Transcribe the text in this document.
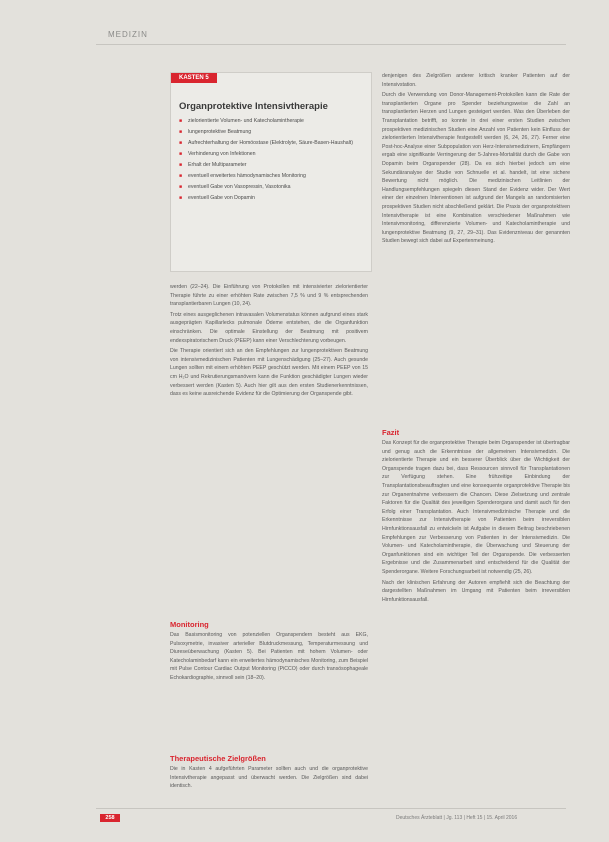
MEDIZIN
KASTEN 5
Organprotektive Intensivtherapie
■ zielorientierte Volumen- und Katecholamintherapie
■ lungenprotektive Beatmung
■ Aufrechterhaltung der Homöostase (Elektrolyte, Säure-Basen-Haushalt)
■ Verhinderung von Infektionen
■ Erhalt der Multiparameter
■ eventuell erweitertes hämodynamisches Monitoring
■ eventuell Gabe von Vasopressin, Vasotonika
■ eventuell Gabe von Dopamin

werden (22–24). Die Einführung von Protokollen mit intensivierter zielorientierter Therapie führte zu einer erhöhten Rate zwischen 7,5 % und 9 % entsprechenden transplantierbaren Lungen (10, 24).

Trotz eines ausgeglichenen intravasalen Volumenstatus können aufgrund eines stark ausgeprägten Kapillarlecks pulmonale Ödeme entstehen, die die Organfunktion einschränken. Die optimale Einstellung der Beatmung mit positivem endexspiratorischem Druck (PEEP) kann einer Verschlechterung vorbeugen.

Die Therapie orientiert sich an den Empfehlungen zur lungenprotektiven Beatmung von intensivmedizinischen Patienten mit Lungenschädigung (25–27). Auch gesunde Lungen sollten mit einem erhöhten PEEP geschützt werden. Mit einem PEEP von 15 cm H₂O und Rekrutierungsmanövern kann die Funktion geschädigter Lungen wieder verbessert werden (Kasten 5). Auch hier gilt aus den ersten Studienerkenntnissen, dass es keine ausreichende Evidenz für die Optimierung der Organspende gibt.

Monitoring

Das Basismonitoring von potenziellen Organspendern besteht aus EKG, Pulsoxymetrie, invasiver arterieller Blutdruckmessung, Temperaturmessung und Diureseüberwachung (Kasten 5). Bei Patienten mit hohem Volumen- oder Katecholaminbedarf kann ein erweitertes hämodynamisches Monitoring, zum Beispiel mit Pulse Contour Cardiac Output Monitoring (PiCCO) oder durch transösophageale Echokardiographie, sinnvoll sein (18–20).

Therapeutische Zielgrößen

Die in Kasten 4 aufgeführten Parameter sollten auch und die organprotektive Intensivtherapie angepasst und überwacht werden. Die Zielgrößen sind dabei identisch.

denjenigen des Zielgrößen anderer kritisch kranker Patienten auf der Intensivstation.

Durch die Verwendung von Donor-Management-Protokollen kann die Rate der transplantierten Organe pro Spender beziehungsweise die Zahl an transplantierten Herzen und Lungen gesteigert werden. Was den Überleben der Transplantation betrifft, so konnte in drei einer ersten Studien zwischen prospektiven medizinischen Studien eine Anzahl von Patienten kein Einfluss der zielorientierten Intensivtherapie festgestellt werden (6, 24, 26, 27). Ferner eine Post-hoc-Analyse einer Subpopulation von Herz-Intensivmedizinern, Empfängern ergab eine signifikante Verringerung der 5-Jahres-Mortalität durch die Gabe von Dopamin beim Organspender (28). Da es sich hierbei jedoch um eine Sekundäranalyse der Studie von Schnuelle et al. handelt, ist eine sichere Bewertung nicht möglich. Die medizinischen Leitlinien der Handlungsempfehlungen spiegeln diesen Stand der Evidenz wider. Der Wert einer der einzelnen Interventionen ist aufgrund der Mangels an randomisierten prospektiven Studien nicht abschließend geklärt. Die Praxis der organprotektiven Intensivtherapie ist eine Kombination verschiedener Maßnahmen wie Intensivmonitoring, differenzierte Volumen- und Katecholamintherapie und lungenprotektive Beatmung (9, 27, 29–31). Das Evidenzniveau der genannten Studien bewegt sich dabei auf Expertenmeinung.

Fazit

Das Konzept für die organprotektive Therapie beim Organspender ist übertragbar und genug auch die Erkenntnisse der allgemeinen Intensivmedizin. Die zielorientierte Therapie und ein besserer Überblick über die Wichtigkeit der Organspende tragen dazu bei, dass Ressourcen sinnvoll für Transplantationen zur Verfügung stehen. Eine frühzeitige Einbindung der Transplantationsbeauftragten und eine konsequente organprotektive Therapie bis zur Organentnahme verbessern die Chancen. Diese Zielsetzung und zentrale Faktoren für die Qualität des jeweiligen Spenderorgans und damit auch für den Erfolg einer Transplantation. Auch Intensivmedizinische Therapie und die Erkenntnisse zur Intensivtherapie von Patienten beim irreversiblen Hirnfunktionsausfall zu entwickeln ist Aufgabe in diesem Beitrag beschriebenen Empfehlungen zur Verbesserung von Patienten in der Intensivmedizin. Die Volumen- und Katecholamintherapie, die Überwachung und Steuerung der Organfunktionen sind ein wichtiger Teil der Organspende. Die verbesserten Ergebnisse und die Zusammenarbeit sind entscheidend für die Qualität der Spenderorgane. Weitere Forschungsarbeit ist notwendig (25, 26).

Nach der klinischen Erfahrung der Autoren empfiehlt sich die Beachtung der dargestellten Maßnahmen im Umgang mit Patienten beim irreversiblen Hirnfunktionsausfall.

258	Deutsches Ärzteblatt | Jg. 113 | Heft 15 | 15. April 2016
